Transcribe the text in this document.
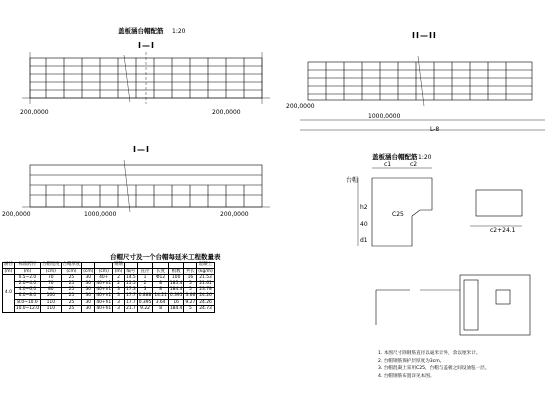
盖板涵台帽配筋 1:20
I—I
200,0000	200,0000
II—II
1000,0000
200,0000
L-8
I—I
200,0000	1000,0000	200,0000
盖板涵台帽配筋 1:20
台帽
C25
c1	c2
h2
40
d1
c2+24.1
台帽尺寸及一个台帽每延米工程数量表
涵径	标准跨径	台帽宽度	台帽厚度			钢筋						混凝土
(m)	(m)	(cm)	(cm)	(cm)	(cm)	(m)	编号	直径	长度	根数	共长	(kg/m)
4.0	0.5~2.0	70	25	30	40+	2	14.5	1	Φ12	100	16	21.53
	2.0~4.0	70	25	30	40+h1	2	15.5	2	8	185.4	5	21.61
	4.0~6.0	80	25	30	40+h1	3	17.3	3	8	184.4	5	23.78
	6.0~8.0	100	25	30	40+h1	3	17.7	0.888	14.21	0.395	3.66	24.26
	8.0~10.0	110	25	30	40+h1	3	17.7	0.395	3.64	16	9.27	24.26
	10.0~12.0	110	25	30	40+h1	3	21.7	9.22	8	184.4	5	24.73
1. 本图尺寸除钢筋直径以毫米计外，余以厘米计。
2. 台帽钢筋保护层厚度为3cm。
3. 台帽混凝土采用C25，台帽与盖板之间设油毡一层。
4. 台帽钢筋布置详见本图。
